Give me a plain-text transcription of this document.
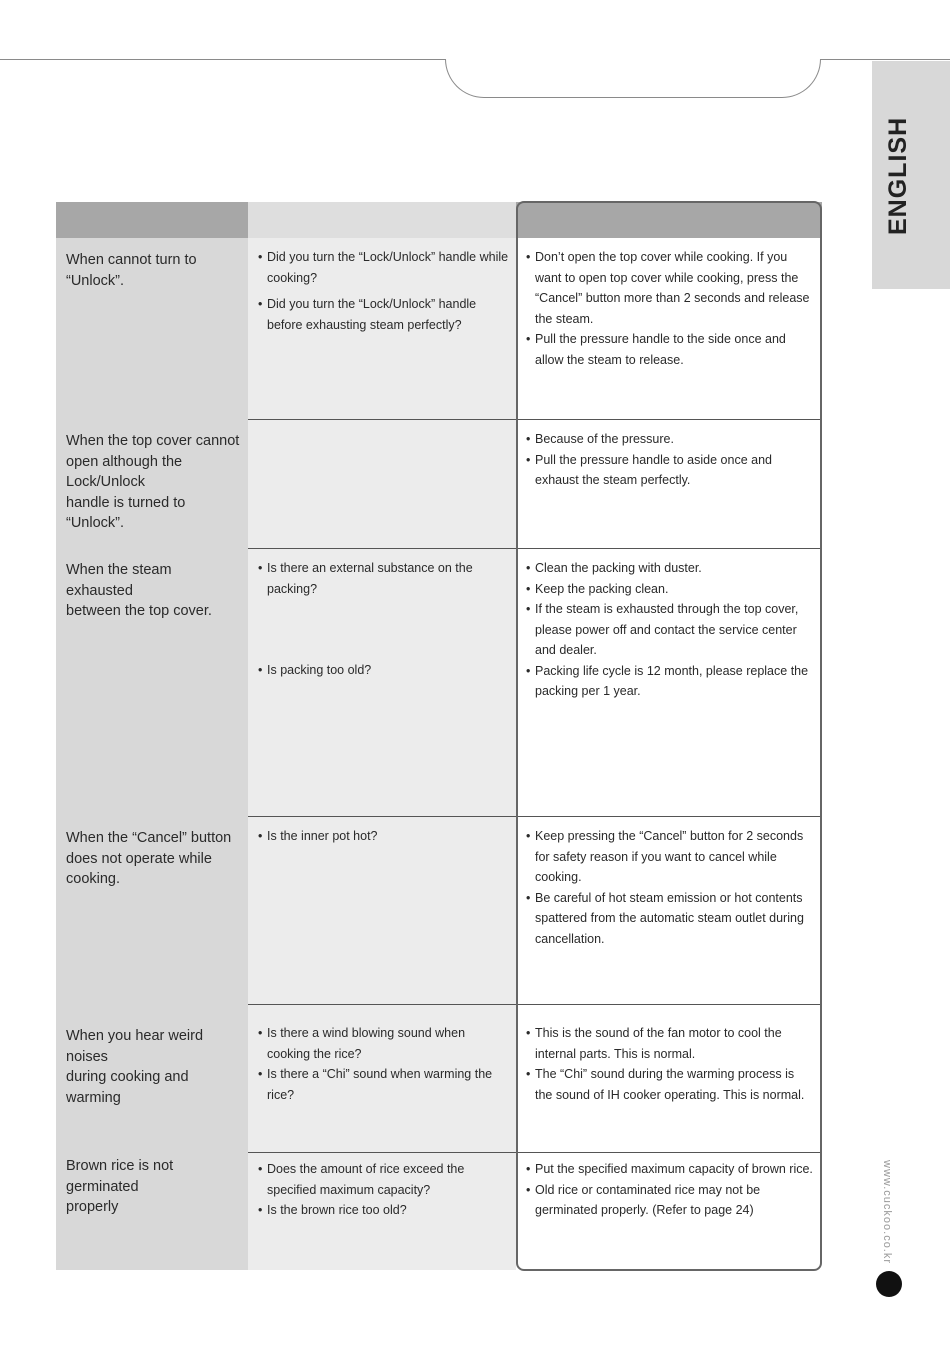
ENGLISH
www.cuckoo.co.kr
When cannot turn to
“Unlock”.
• Did you turn the “Lock/Unlock” handle while cooking?
• Did you turn the “Lock/Unlock” handle before exhausting steam perfectly?
• Don’t open the top cover while cooking. If you want to open top cover while cooking, press the “Cancel” button more than 2 seconds and release the steam.
• Pull the pressure handle to the side once and allow the steam to release.
When the top cover cannot
open although the
Lock/Unlock
handle is turned to
“Unlock”.
• Because of the pressure.
• Pull the pressure handle to aside once and exhaust the steam perfectly.
When the steam exhausted
between the top cover.
• Is there an external substance on the packing?
• Is packing too old?
• Clean the packing with duster.
• Keep the packing clean.
• If the steam is exhausted through the top cover, please power off and contact the service center and dealer.
• Packing life cycle is 12 month, please replace the packing per 1 year.
When the “Cancel” button
does not operate while
cooking.
• Is the inner pot hot?
•	Keep pressing the “Cancel” button for 2 seconds for safety reason if you want to cancel while cooking.
• Be careful of hot steam emission or hot contents spattered from the automatic steam outlet during cancellation.
When you hear weird
noises
during cooking and
warming
• Is there a wind blowing sound when cooking the rice?
• Is there a “Chi” sound when warming the rice?
• This is the sound of the fan motor to cool the internal parts. This is normal.
• The “Chi” sound during the warming process is the sound of IH cooker operating. This is normal.
Brown rice is not
germinated
properly
• Does the amount of rice exceed the specified maximum capacity?
• Is the brown rice too old?
• Put the specified maximum capacity of brown rice.
• Old rice or contaminated rice may not be germinated properly. (Refer to page 24)
